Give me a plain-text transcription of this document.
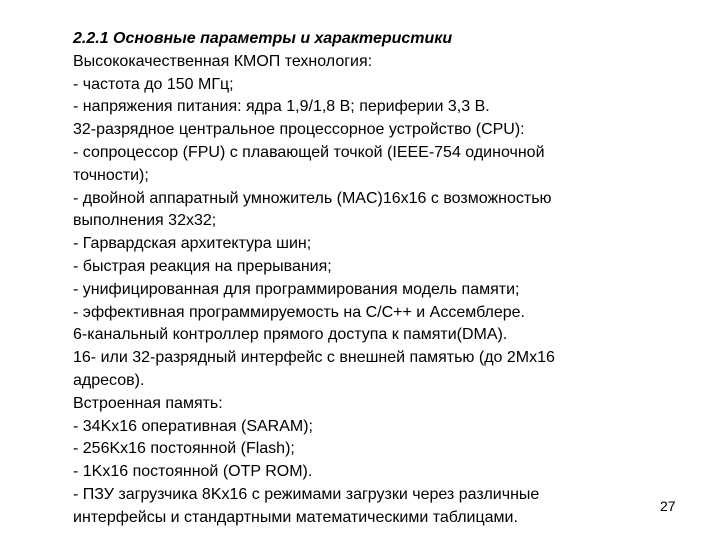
2.2.1 Основные параметры и характеристики
Высококачественная КМОП технология:
- частота до 150 МГц;
- напряжения питания: ядра 1,9/1,8 В; периферии 3,3 В.
32-разрядное центральное процессорное устройство (CPU):
- сопроцессор (FPU) с плавающей точкой (IEEE-754 одиночной
точности);
- двойной аппаратный умножитель (MAC)16x16 с возможностью
выполнения 32x32;
- Гарвардская архитектура шин;
- быстрая реакция на прерывания;
- унифицированная для программирования модель памяти;
- эффективная программируемость на C/C++ и Ассемблере.
6-канальный контроллер прямого доступа к памяти(DMA).
16- или 32-разрядный интерфейс с внешней памятью (до 2Mx16
адресов).
Встроенная память:
- 34Kx16 оперативная (SARAM);
- 256Kx16 постоянной (Flash);
- 1Kx16 постоянной (OTP ROM).
- ПЗУ загрузчика 8Kx16 с режимами загрузки через различные
интерфейсы и стандартными математическими таблицами.
27
